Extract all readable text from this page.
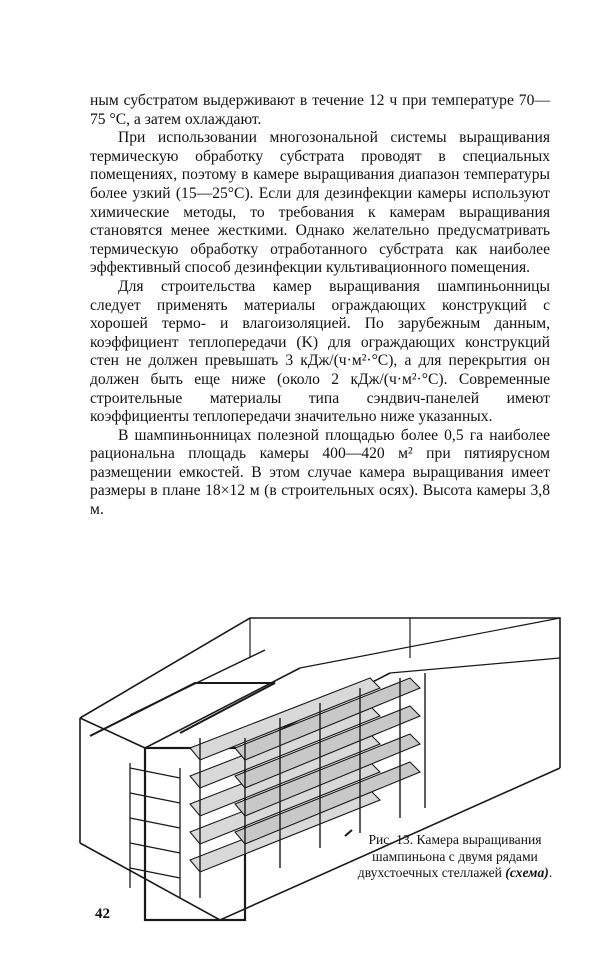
ным субстратом выдерживают в течение 12 ч при температуре 70—75 °С, а затем охлаждают.

При использовании многозональной системы выращивания термическую обработку субстрата проводят в специальных помещениях, поэтому в камере выращивания диапазон температуры более узкий (15—25°С). Если для дезинфекции камеры используют химические методы, то требования к камерам выращивания становятся менее жесткими. Однако желательно предусматривать термическую обработку отработанного субстрата как наиболее эффективный способ дезинфекции культивационного помещения.

Для строительства камер выращивания шампиньонницы следует применять материалы ограждающих конструкций с хорошей термо- и влагоизоляцией. По зарубежным данным, коэффициент теплопередачи (K) для ограждающих конструкций стен не должен превышать 3 кДж/(ч·м²·°С), а для перекрытия он должен быть еще ниже (около 2 кДж/(ч·м²·°С). Современные строительные материалы типа сэндвич-панелей имеют коэффициенты теплопередачи значительно ниже указанных.

В шампиньонницах полезной площадью более 0,5 га наиболее рациональна площадь камеры 400—420 м² при пятиярусном размещении емкостей. В этом случае камера выращивания имеет размеры в плане 18×12 м (в строительных осях). Высота камеры 3,8 м.

Рис. 13. Камера выращивания шампиньона с двумя рядами двухстоечных стеллажей (схема).
42
